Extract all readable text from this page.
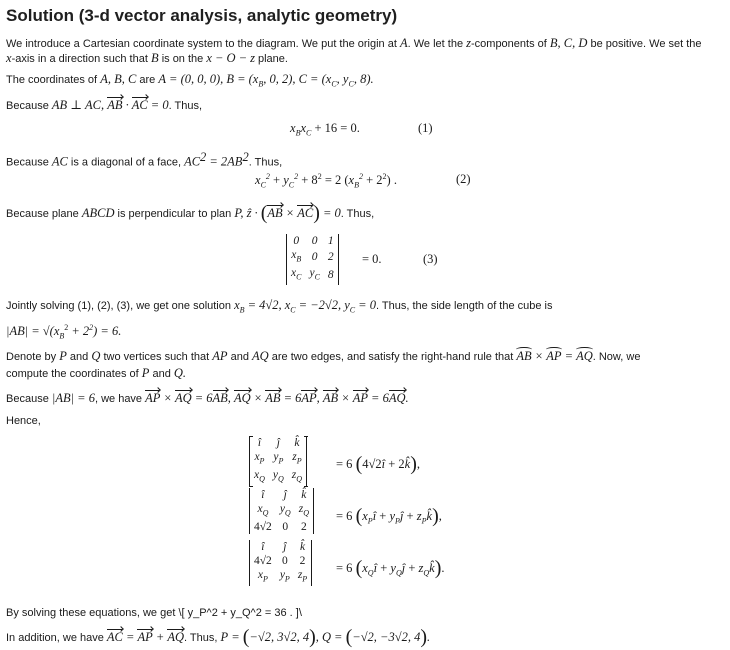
Solution (3-d vector analysis, analytic geometry)
We introduce a Cartesian coordinate system to the diagram. We put the origin at A. We let the z-components of B, C, D be positive. We set the
x-axis in a direction such that B is on the x − O − z plane.
The coordinates of A, B, C are A = (0, 0, 0), $B = (x_B$, 0, 2), $C = (x_C$, $y_C$, 8).
Because AB ⊥ AC, AB · AC = 0. Thus,
$x_Bx_C + 16 = 0$.	(1)
Because AC is a diagonal of a face, $AC^2 = 2AB^2$. Thus,
$x_C^2 + y_C^2 + 8^2 = 2$ $(x_B^2 + 2^2)$ .	(2)
Because plane ABCD is perpendicular to plan P, ẑ · (AB × AC) = 0. Thus,
0	0	1
$x_B$	0	2
$x_C$	$y_C$	8
= 0.	(3)
Jointly solving (1), (2), (3), we get one solution $x_B = 4√2$, $x_C = -2√2$, $y_C = 0$. Thus, the side length of the cube is
$|AB| = √(x_B^2 + 2^2) = 6$.
Denote by P and Q two vertices such that AP and AQ are two edges, and satisfy the right-hand rule that AB × AP = AQ. Now, we
compute the coordinates of P and Q.
Because |AB| = 6, we have AP × AQ = 6AB, AQ × AB = 6AP, AB × AP = 6AQ.
Hence,
î	ĵ	k̂
$x_P$	$y_P$	$z_P$
$x_Q$	$y_Q$	$z_Q$

= 6 (4√2î + 2k̂),
î	ĵ	k̂
$x_Q$	$y_Q$	$z_Q$
4√2	0	2
= 6 ($x_Pî$ + $y_Pĵ$ + $z_Pk̂$),
î	ĵ	k̂
4√2	0	2
$x_P$	$y_P$	$z_P$
= 6 ($x_Qî$ + $y_Qĵ$ + $z_Qk̂$).
By solving these equations, we get \[ y_P^2 + y_Q^2 = 36 . ]\
In addition, we have AC = AP + AQ. Thus, P = (−√2, 3√2, 4), Q = (−√2, −3√2, 4).
